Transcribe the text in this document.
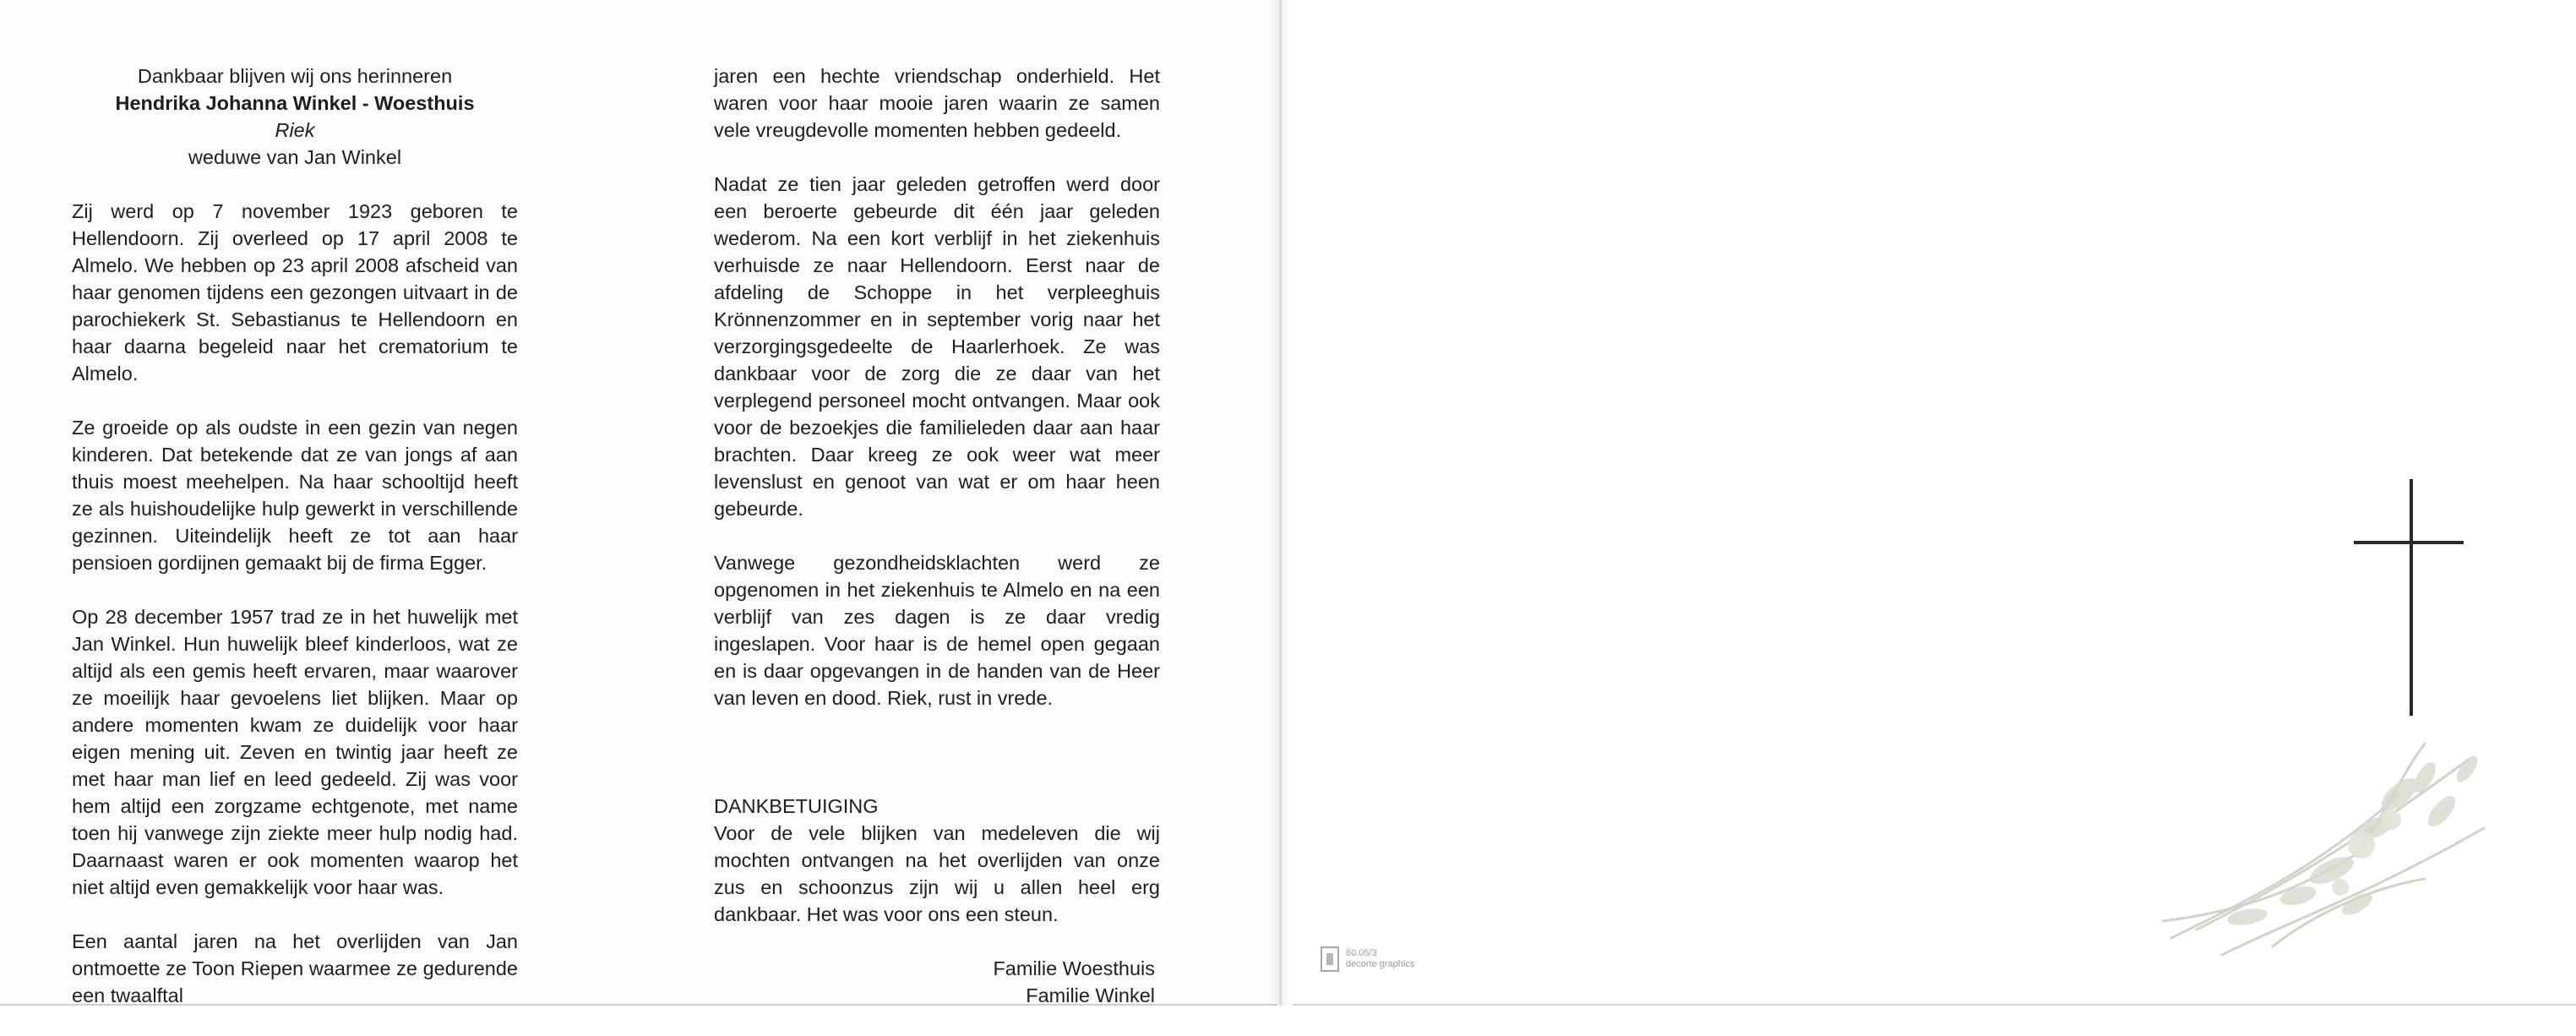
Dankbaar blijven wij ons herinneren
Hendrika Johanna Winkel - Woesthuis
Riek
weduwe van Jan Winkel

Zij werd op 7 november 1923 geboren te Hellendoorn. Zij overleed op 17 april 2008 te Almelo. We hebben op 23 april 2008 afscheid van haar genomen tijdens een gezongen uitvaart in de parochiekerk St. Sebastianus te Hellendoorn en haar daarna begeleid naar het crematorium te Almelo.

Ze groeide op als oudste in een gezin van negen kinderen. Dat betekende dat ze van jongs af aan thuis moest meehelpen. Na haar schooltijd heeft ze als huishoudelijke hulp gewerkt in verschillende gezinnen. Uiteindelijk heeft ze tot aan haar pensioen gordijnen gemaakt bij de firma Egger.

Op 28 december 1957 trad ze in het huwelijk met Jan Winkel. Hun huwelijk bleef kinderloos, wat ze altijd als een gemis heeft ervaren, maar waarover ze moeilijk haar gevoelens liet blijken. Maar op andere momenten kwam ze duidelijk voor haar eigen mening uit. Zeven en twintig jaar heeft ze met haar man lief en leed gedeeld. Zij was voor hem altijd een zorgzame echtgenote, met name toen hij vanwege zijn ziekte meer hulp nodig had. Daarnaast waren er ook momenten waarop het niet altijd even gemakkelijk voor haar was.

Een aantal jaren na het overlijden van Jan ontmoette ze Toon Riepen waarmee ze gedurende een twaalftal

jaren een hechte vriendschap onderhield. Het waren voor haar mooie jaren waarin ze samen vele vreugdevolle momenten hebben gedeeld.

Nadat ze tien jaar geleden getroffen werd door een beroerte gebeurde dit één jaar geleden wederom. Na een kort verblijf in het ziekenhuis verhuisde ze naar Hellendoorn. Eerst naar de afdeling de Schoppe in het verpleeghuis Krönnenzommer en in september vorig naar het verzorgingsgedeelte de Haarlerhoek. Ze was dankbaar voor de zorg die ze daar van het verplegend personeel mocht ontvangen. Maar ook voor de bezoekjes die familieleden daar aan haar brachten. Daar kreeg ze ook weer wat meer levenslust en genoot van wat er om haar heen gebeurde.

Vanwege gezondheidsklachten werd ze opgenomen in het ziekenhuis te Almelo en na een verblijf van zes dagen is ze daar vredig ingeslapen. Voor haar is de hemel open gegaan en is daar opgevangen in de handen van de Heer van leven en dood. Riek, rust in vrede.

DANKBETUIGING
Voor de vele blijken van medeleven die wij mochten ontvangen na het overlijden van onze zus en schoonzus zijn wij u allen heel erg dankbaar. Het was voor ons een steun.
Familie Woesthuis
Familie Winkel
60.05/3
decorte graphics
